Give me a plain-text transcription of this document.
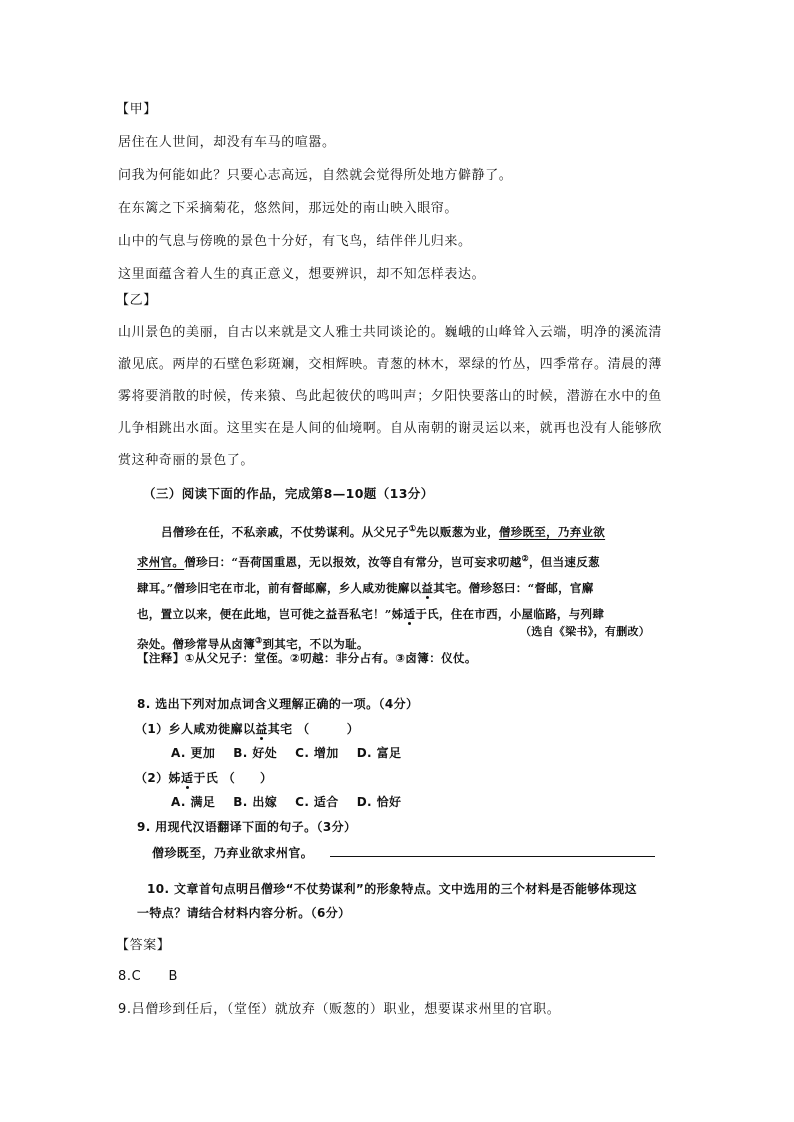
【甲】
居住在人世间，却没有车马的喧嚣。
问我为何能如此？只要心志高远，自然就会觉得所处地方僻静了。
在东篱之下采摘菊花，悠然间，那远处的南山映入眼帘。
山中的气息与傍晚的景色十分好，有飞鸟，结伴伴儿归来。
这里面蕴含着人生的真正意义，想要辨识，却不知怎样表达。
【乙】
山川景色的美丽，自古以来就是文人雅士共同谈论的。巍峨的山峰耸入云端，明净的溪流清
澈见底。两岸的石壁色彩斑斓，交相辉映。青葱的林木，翠绿的竹丛，四季常存。清晨的薄
雾将要消散的时候，传来猿、鸟此起彼伏的鸣叫声；夕阳快要落山的时候，潜游在水中的鱼
儿争相跳出水面。这里实在是人间的仙境啊。自从南朝的谢灵运以来，就再也没有人能够欣
赏这种奇丽的景色了。
（三）阅读下面的作品，完成第8—10题（13分）
吕僧珍在任，不私亲戚，不仗势谋利。从父兄子①先以贩葱为业，僧珍既至，乃弃业欲
求州官。僧珍曰：“吾荷国重恩，无以报效，汝等自有常分，岂可妄求叨越②，但当速反葱
肆耳。”僧珍旧宅在市北，前有督邮廨，乡人咸劝徙廨以益其宅。僧珍怒曰：“督邮，官廨
也，置立以来，便在此地，岂可徙之益吾私宅！”姊适于氏，住在市西，小屋临路，与列肆
杂处。僧珍常导从卤簿③到其宅，不以为耻。
（选自《梁书》，有删改）
【注释】①从父兄子：堂侄。②叨越：非分占有。③卤簿：仪仗。
8. 选出下列对加点词含义理解正确的一项。（4分）
（1）乡人咸劝徙廨以益其宅 （　　　）
A. 更加 B. 好处 C. 增加 D. 富足
（2）姊适于氏 （　　）
A. 满足 B. 出嫁 C. 适合 D. 恰好
9. 用现代汉语翻译下面的句子。（3分）
僧珍既至，乃弃业欲求州官。
10. 文章首句点明吕僧珍“不仗势谋利”的形象特点。文中选用的三个材料是否能够体现这
一特点？请结合材料内容分析。（6分）
【答案】
8.C　　B
9.吕僧珍到任后，（堂侄）就放弃（贩葱的）职业，想要谋求州里的官职。
